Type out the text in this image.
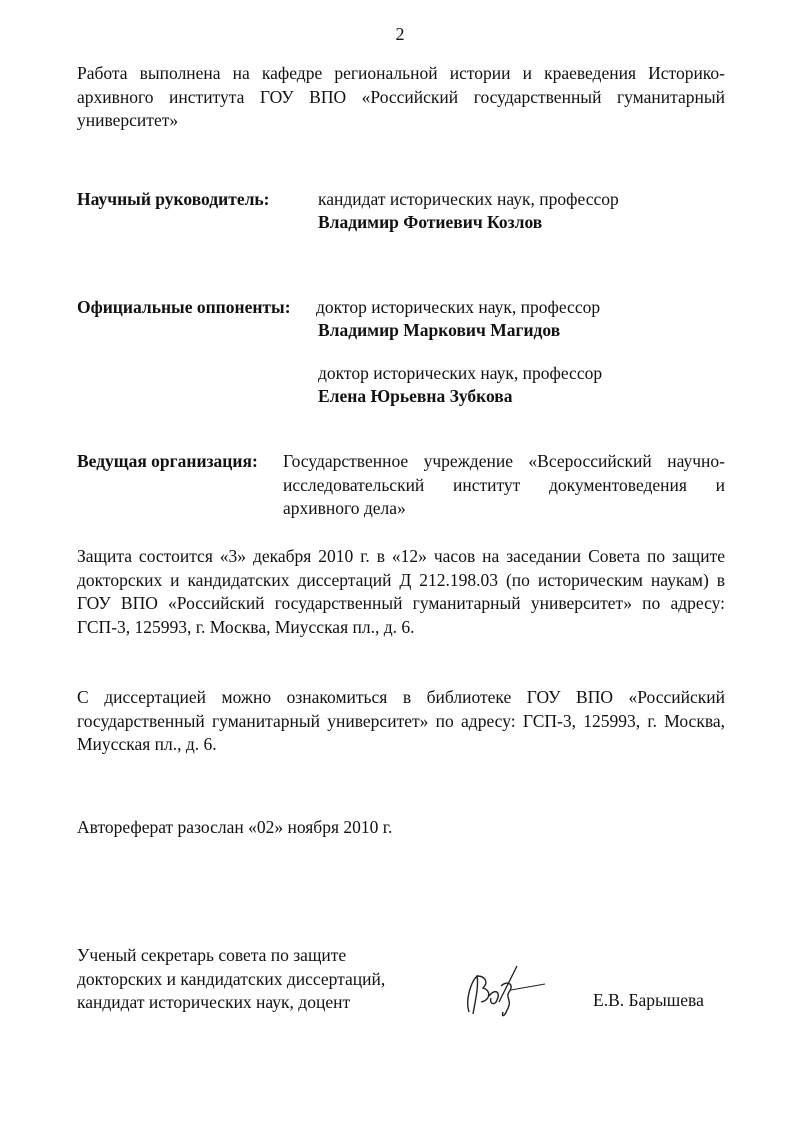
2
Работа выполнена на кафедре региональной истории и краеведения Историко-архивного института ГОУ ВПО «Российский государственный гуманитарный университет»
Научный руководитель:	кандидат исторических наук, профессор
Владимир Фотиевич Козлов
Официальные оппоненты: доктор исторических наук, профессор
Владимир Маркович Магидов
доктор исторических наук, профессор
Елена Юрьевна Зубкова
Ведущая организация: Государственное учреждение «Всероссийский научно-исследовательский институт документоведения и архивного дела»
Защита состоится «3» декабря 2010 г. в «12» часов на заседании Совета по защите докторских и кандидатских диссертаций Д 212.198.03 (по историческим наукам) в ГОУ ВПО «Российский государственный гуманитарный университет» по адресу: ГСП-3, 125993, г. Москва, Миусская пл., д. 6.
С диссертацией можно ознакомиться в библиотеке ГОУ ВПО «Российский государственный гуманитарный университет» по адресу: ГСП-3, 125993, г. Москва, Миусская пл., д. 6.
Автореферат разослан «02» ноября 2010 г.
Ученый секретарь совета по защите
докторских и кандидатских диссертаций,
кандидат исторических наук, доцент	Е.В. Барышева
